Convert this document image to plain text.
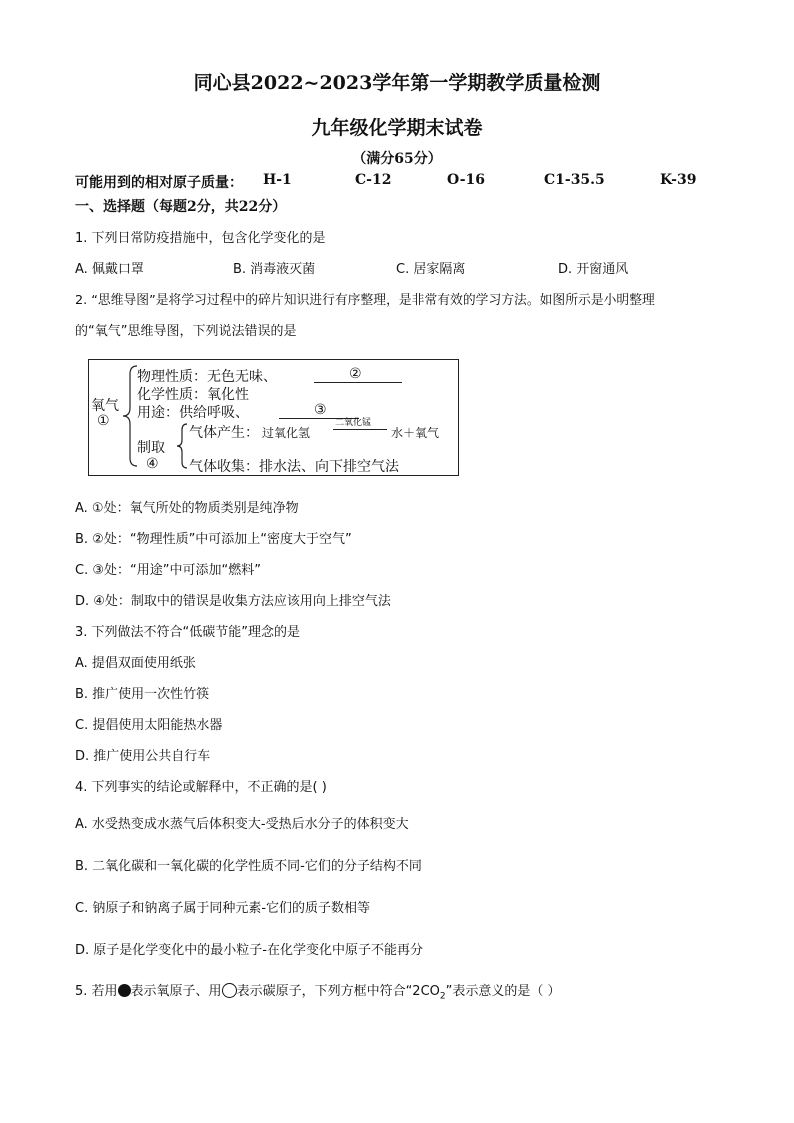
同心县2022~2023学年第一学期教学质量检测
九年级化学期末试卷
（满分65分）
可能用到的相对原子质量： H-1	C-12	O-16	C1-35.5	K-39
一、选择题（每题2分，共22分）
1. 下列日常防疫措施中，包含化学变化的是
A. 佩戴口罩	B. 消毒液灭菌	C. 居家隔离	D. 开窗通风
2. “思维导图”是将学习过程中的碎片知识进行有序整理，是非常有效的学习方法。如图所示是小明整理
的“氧气”思维导图，下列说法错误的是
氧气
①
物理性质：无色无味、	②
化学性质：氧化性
用途：供给呼吸、	③
制取
④
气体产生： 过氧化氢
二氧化锰
水＋氧气
气体收集：排水法、向下排空气法
A. ①处：氧气所处的物质类别是纯净物
B. ②处：“物理性质”中可添加上“密度大于空气”
C. ③处：“用途”中可添加“燃料”
D. ④处：制取中的错误是收集方法应该用向上排空气法
3. 下列做法不符合“低碳节能”理念的是
A. 提倡双面使用纸张
B. 推广使用一次性竹筷
C. 提倡使用太阳能热水器
D. 推广使用公共自行车
4. 下列事实的结论或解释中，不正确的是( )
A. 水受热变成水蒸气后体积变大-受热后水分子的体积变大
B. 二氧化碳和一氧化碳的化学性质不同-它们的分子结构不同
C. 钠原子和钠离子属于同种元素-它们的质子数相等
D. 原子是化学变化中的最小粒子-在化学变化中原子不能再分
5. 若用 表示氧原子、用 表示碳原子，下列方框中符合“$2CO_2$”表示意义的是（ ）
